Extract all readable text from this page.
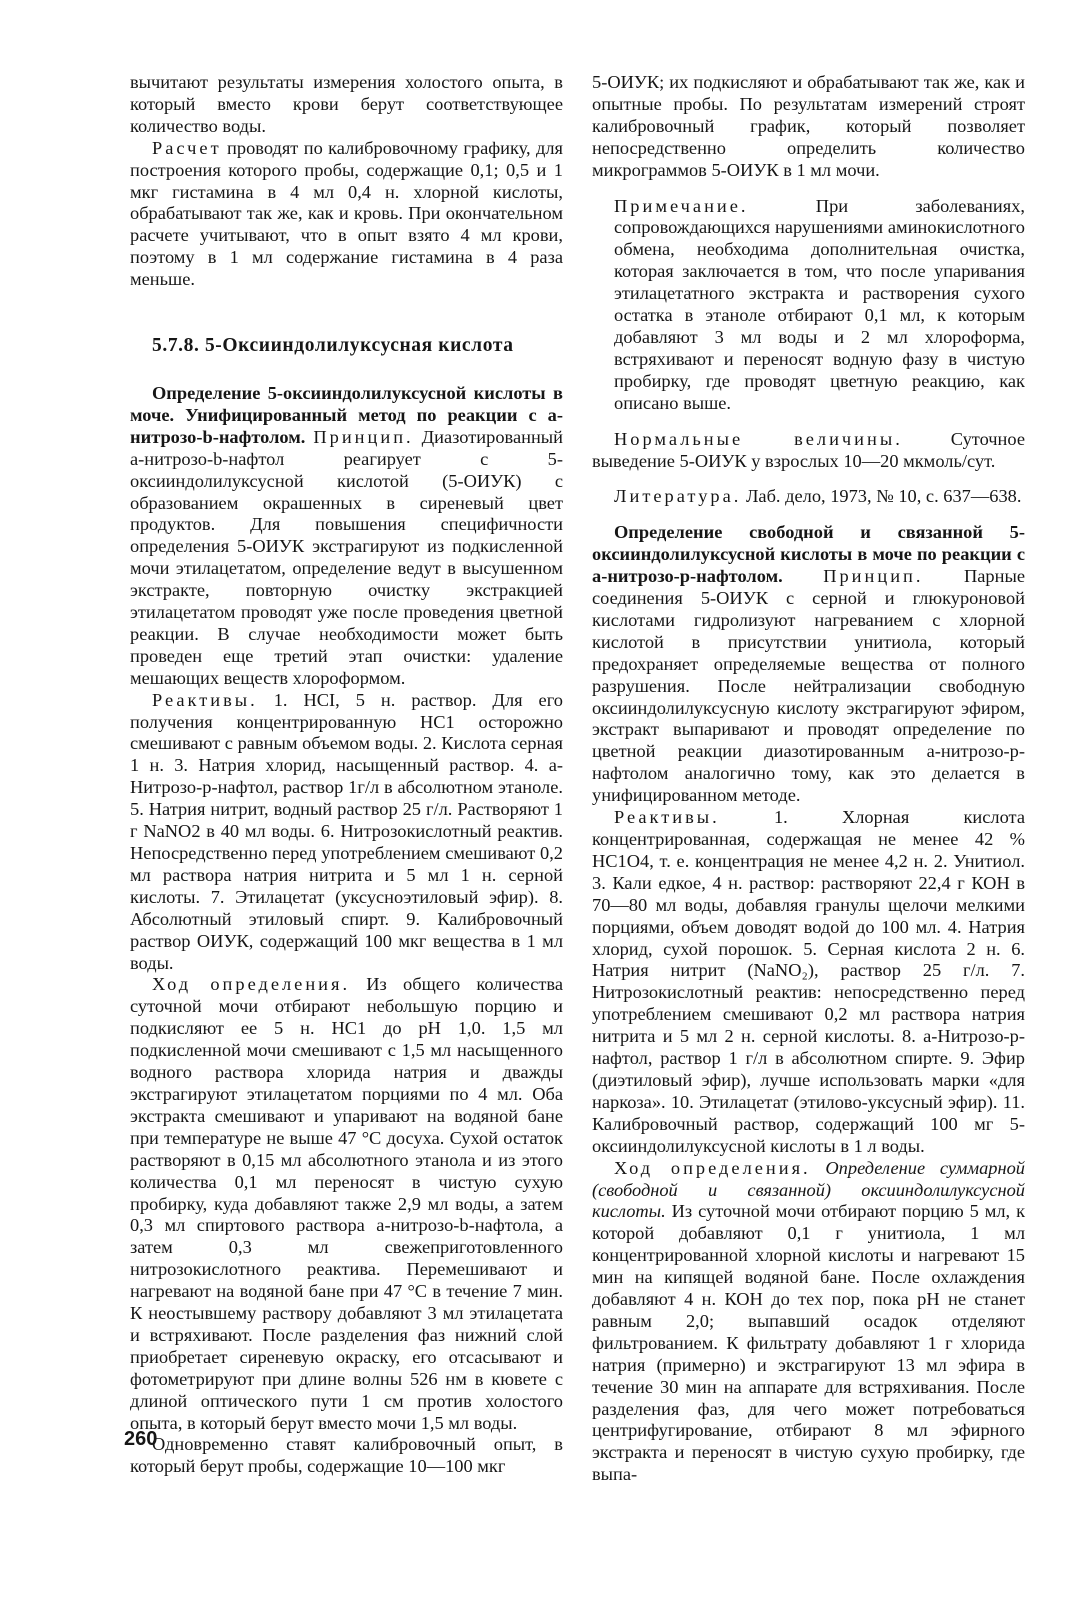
вычитают результаты измерения холостого опыта, в который вместо крови берут соответствующее количество воды.

Расчет проводят по калибровочному графику, для построения которого пробы, содержащие 0,1; 0,5 и 1 мкг гистамина в 4 мл 0,4 н. хлорной кислоты, обрабатывают так же, как и кровь. При окончательном расчете учитывают, что в опыт взято 4 мл крови, поэтому в 1 мл содержание гистамина в 4 раза меньше.

5.7.8. 5-Оксииндолилуксусная кислота

Определение 5-оксииндолилуксусной кислоты в моче. Унифицированный метод по реакции с а-нитрозо-b-нафтолом. Принцип. Диазотированный а-нитрозо-b-нафтол реагирует с 5-оксииндолилуксусной кислотой (5-ОИУК) с образованием окрашенных в сиреневый цвет продуктов. Для повышения специфичности определения 5-ОИУК экстрагируют из подкисленной мочи этилацетатом, определение ведут в высушенном экстракте, повторную очистку экстракцией этилацетатом проводят уже после проведения цветной реакции. В случае необходимости может быть проведен еще третий этап очистки: удаление мешающих веществ хлороформом.

Реактивы. 1. НСI, 5 н. раствор. Для его получения концентрированную НС1 осторожно смешивают с равным объемом воды. 2. Кислота серная 1 н. 3. Натрия хлорид, насыщенный раствор. 4. а-Нитрозо-р-нафтол, раствор 1г/л в абсолютном этаноле. 5. Натрия нитрит, водный раствор 25 г/л. Растворяют 1 г NaNO2 в 40 мл воды. 6. Нитрозокислотный реактив. Непосредственно перед употреблением смешивают 0,2 мл раствора натрия нитрита и 5 мл 1 н. серной кислоты. 7. Этилацетат (уксусноэтиловый эфир). 8. Абсолютный этиловый спирт. 9. Калибровочный раствор ОИУК, содержащий 100 мкг вещества в 1 мл воды.

Ход определения. Из общего количества суточной мочи отбирают небольшую порцию и подкисляют ее 5 н. НС1 до рН 1,0. 1,5 мл подкисленной мочи смешивают с 1,5 мл насыщенного водного раствора хлорида натрия и дважды экстрагируют этилацетатом порциями по 4 мл. Оба экстракта смешивают и упаривают на водяной бане при температуре не выше 47 °С досуха. Сухой остаток растворяют в 0,15 мл абсолютного этанола и из этого количества 0,1 мл переносят в чистую сухую пробирку, куда добавляют также 2,9 мл воды, а затем 0,3 мл спиртового раствора а-нитрозо-b-нафтола, а затем 0,3 мл свежеприготовленного нитрозокислотного реактива. Перемешивают и нагревают на водяной бане при 47 °С в течение 7 мин. К неостывшему раствору добавляют 3 мл этилацетата и встряхивают. После разделения фаз нижний слой приобретает сиреневую окраску, его отсасывают и фотометрируют при длине волны 526 нм в кювете с длиной оптического пути 1 см против холостого опыта, в который берут вместо мочи 1,5 мл воды.

Одновременно ставят калибровочный опыт, в который берут пробы, содержащие 10—100 мкг

5-ОИУК; их подкисляют и обрабатывают так же, как и опытные пробы. По результатам измерений строят калибровочный график, который позволяет непосредственно определить количество микрограммов 5-ОИУК в 1 мл мочи.

Примечание. При заболеваниях, сопровождающихся нарушениями аминокислотного обмена, необходима дополнительная очистка, которая заключается в том, что после упаривания этилацетатного экстракта и растворения сухого остатка в этаноле отбирают 0,1 мл, к которым добавляют 3 мл воды и 2 мл хлороформа, встряхивают и переносят водную фазу в чистую пробирку, где проводят цветную реакцию, как описано выше.

Нормальные величины. Суточное выведение 5-ОИУК у взрослых 10—20 мкмоль/сут.

Литература. Лаб. дело, 1973, № 10, с. 637—638.

Определение свободной и связанной 5-оксииндолилуксусной кислоты в моче по реакции с а-нитрозо-р-нафтолом. Принцип. Парные соединения 5-ОИУК с серной и глюкуроновой кислотами гидролизуют нагреванием с хлорной кислотой в присутствии унитиола, который предохраняет определяемые вещества от полного разрушения. После нейтрализации свободную оксииндолилуксусную кислоту экстрагируют эфиром, экстракт выпаривают и проводят определение по цветной реакции диазотированным а-нитрозо-р-нафтолом аналогично тому, как это делается в унифицированном методе.

Реактивы. 1. Хлорная кислота концентрированная, содержащая не менее 42 % НС1О4, т. е. концентрация не менее 4,2 н. 2. Унитиол. 3. Кали едкое, 4 н. раствор: растворяют 22,4 г КОН в 70—80 мл воды, добавляя гранулы щелочи мелкими порциями, объем доводят водой до 100 мл. 4. Натрия хлорид, сухой порошок. 5. Серная кислота 2 н. 6. Натрия нитрит (NaNO₂), раствор 25 г/л. 7. Нитрозокислотный реактив: непосредственно перед употреблением смешивают 0,2 мл раствора натрия нитрита и 5 мл 2 н. серной кислоты. 8. а-Нитрозо-р-нафтол, раствор 1 г/л в абсолютном спирте. 9. Эфир (диэтиловый эфир), лучше использовать марки «для наркоза». 10. Этилацетат (этилово-уксусный эфир). 11. Калибровочный раствор, содержащий 100 мг 5-оксииндолилуксусной кислоты в 1 л воды.

Ход определения. Определение суммарной (свободной и связанной) оксииндолилуксусной кислоты. Из суточной мочи отбирают порцию 5 мл, к которой добавляют 0,1 г унитиола, 1 мл концентрированной хлорной кислоты и нагревают 15 мин на кипящей водяной бане. После охлаждения добавляют 4 н. КОН до тех пор, пока рН не станет равным 2,0; выпавший осадок отделяют фильтрованием. К фильтрату добавляют 1 г хлорида натрия (примерно) и экстрагируют 13 мл эфира в течение 30 мин на аппарате для встряхивания. После разделения фаз, для чего может потребоваться центрифугирование, отбирают 8 мл эфирного экстракта и переносят в чистую сухую пробирку, где выпа-

260
